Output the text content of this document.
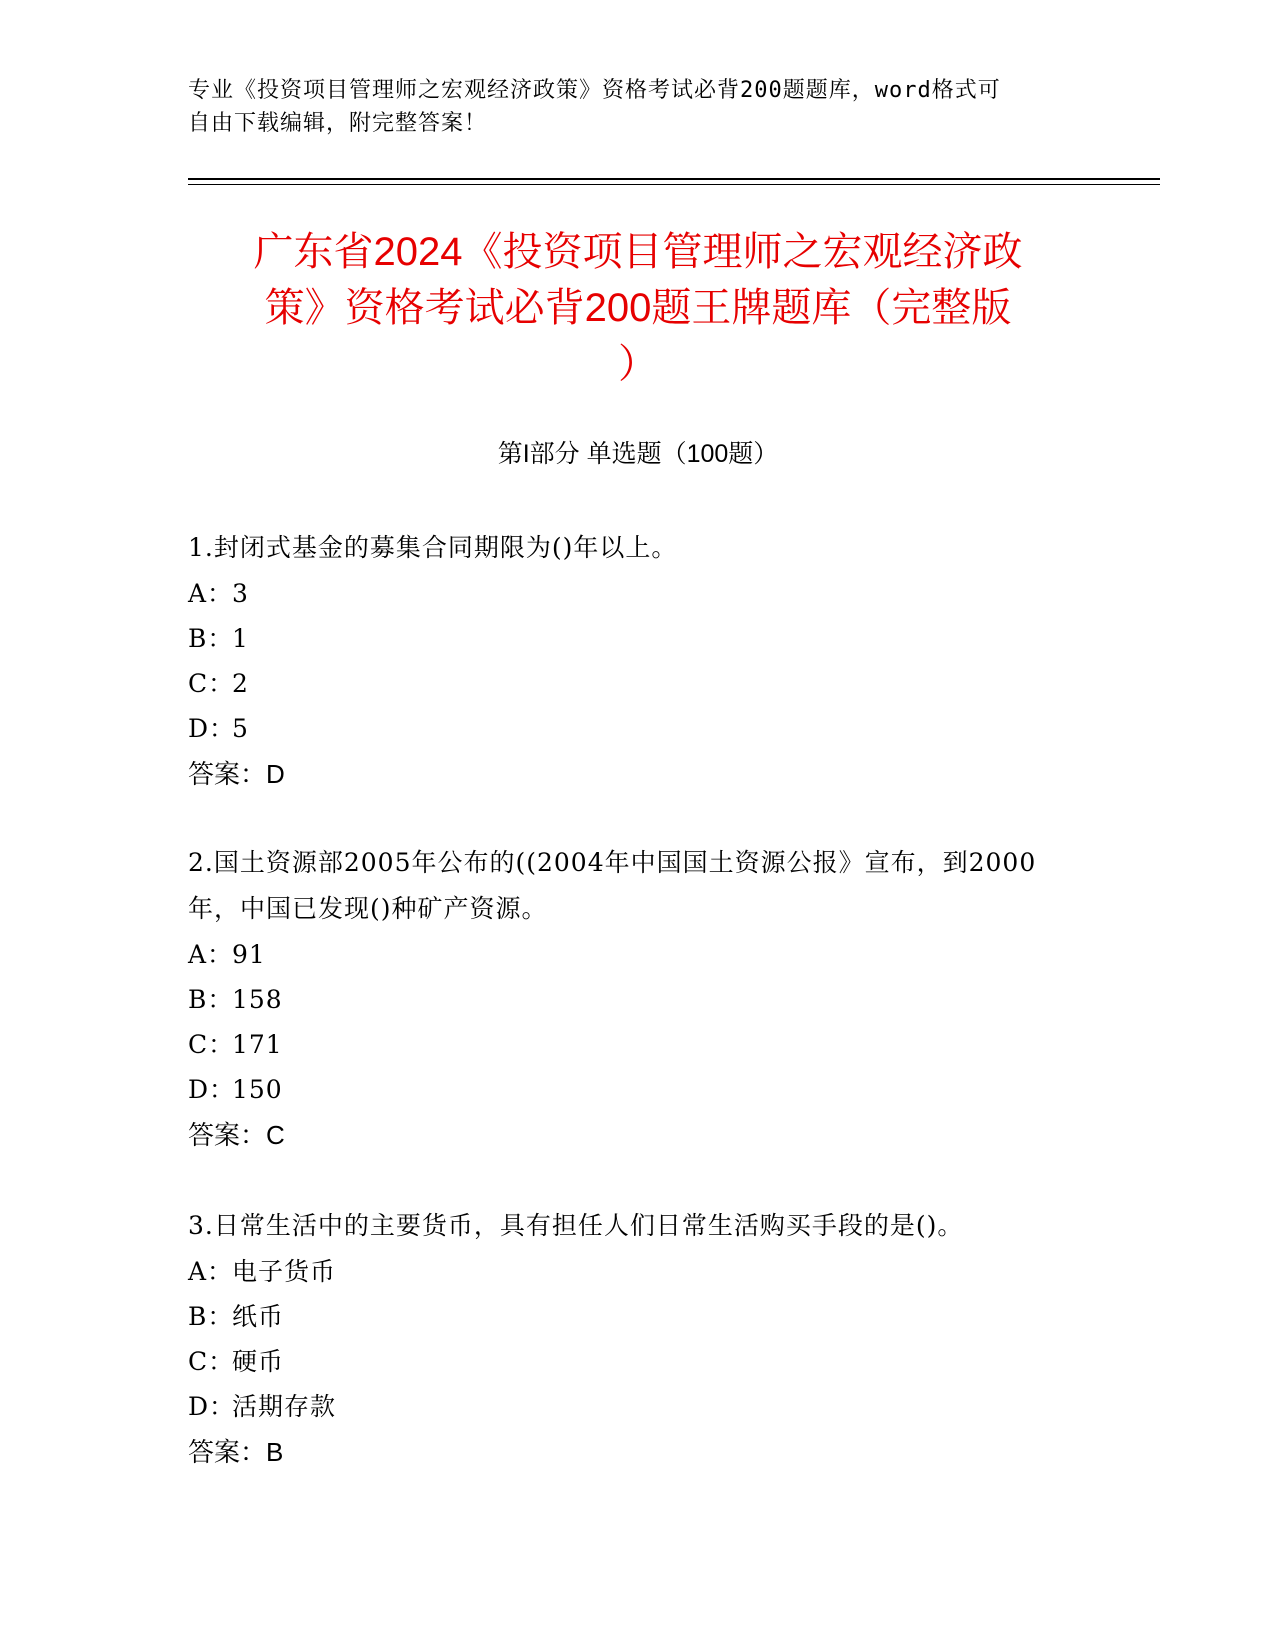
专业《投资项目管理师之宏观经济政策》资格考试必背200题题库，word格式可
自由下载编辑，附完整答案！
广东省2024《投资项目管理师之宏观经济政
策》资格考试必背200题王牌题库（完整版
）
第I部分 单选题（100题）
1.封闭式基金的募集合同期限为()年以上。
A：3
B：1
C：2
D：5
答案：D
2.国土资源部2005年公布的((2004年中国国土资源公报》宣布，到2000年，中国已发现()种矿产资源。
A：91
B：158
C：171
D：150
答案：C
3.日常生活中的主要货币，具有担任人们日常生活购买手段的是()。
A：电子货币
B：纸币
C：硬币
D：活期存款
答案：B
